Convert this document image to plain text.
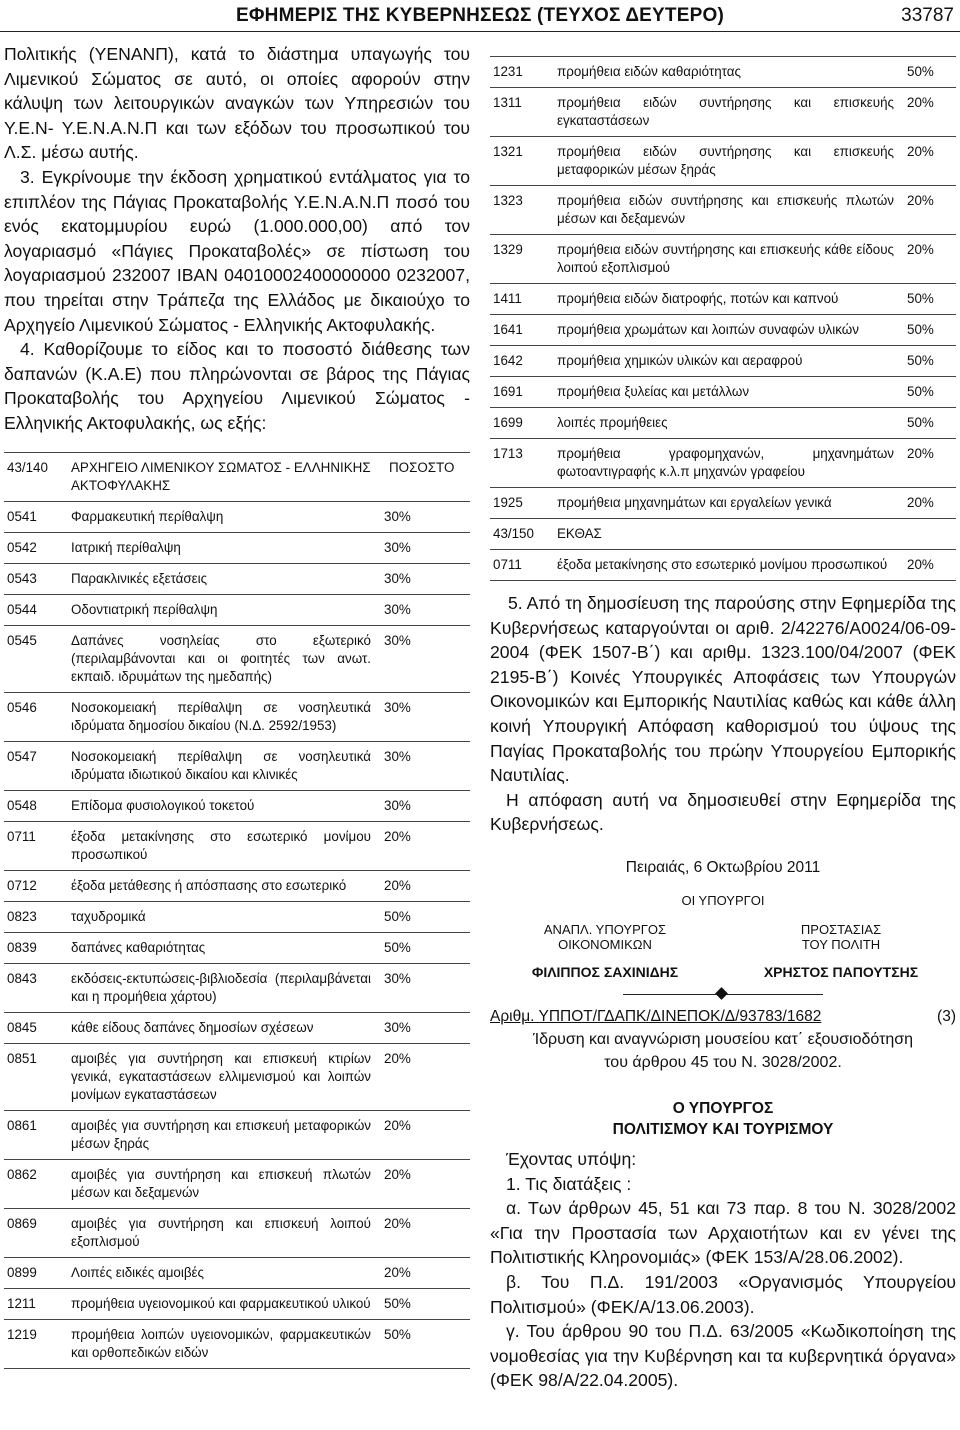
ΕΦΗΜΕΡΙΣ ΤΗΣ ΚΥΒΕΡΝΗΣΕΩΣ (ΤΕΥΧΟΣ ΔΕΥΤΕΡΟ)	33787

Πολιτικής (ΥΕΝΑΝΠ), κατά το διάστημα υπαγωγής του Λιμενικού Σώματος σε αυτό, οι οποίες αφορούν στην κάλυψη των λειτουργικών αναγκών των Υπηρεσιών του Υ.Ε.Ν- Υ.Ε.Ν.Α.Ν.Π και των εξόδων του προσωπικού του Λ.Σ. μέσω αυτής.

3. Εγκρίνουμε την έκδοση χρηματικού εντάλματος για το επιπλέον της Πάγιας Προκαταβολής Υ.Ε.Ν.Α.Ν.Π ποσό του ενός εκατομμυρίου ευρώ (1.000.000,00) από τον λογαριασμό «Πάγιες Προκαταβολές» σε πίστωση του λογαριασμού 232007 ΙΒΑΝ 04010002400000000 0232007, που τηρείται στην Τράπεζα της Ελλάδος με δικαιούχο το Αρχηγείο Λιμενικού Σώματος - Ελληνικής Ακτοφυλακής.

4. Καθορίζουμε το είδος και το ποσοστό διάθεσης των δαπανών (Κ.Α.Ε) που πληρώνονται σε βάρος της Πάγιας Προκαταβολής του Αρχηγείου Λιμενικού Σώματος - Ελληνικής Ακτοφυλακής, ως εξής:

43/140	ΑΡΧΗΓΕΙΟ ΛΙΜΕΝΙΚΟΥ ΣΩΜΑΤΟΣ - ΕΛΛΗΝΙΚΗΣ ΑΚΤΟΦΥΛΑΚΗΣ	ΠΟΣΟΣΤΟ
0541	Φαρμακευτική περίθαλψη	30%
0542	Ιατρική περίθαλψη	30%
0543	Παρακλινικές εξετάσεις	30%
0544	Οδοντιατρική περίθαλψη	30%
0545	Δαπάνες νοσηλείας στο εξωτερικό (περιλαμβάνονται και οι φοιτητές των ανωτ. εκπαιδ. ιδρυμάτων της ημεδαπής)	30%
0546	Νοσοκομειακή περίθαλψη σε νοσηλευτικά ιδρύματα δημοσίου δικαίου (Ν.Δ. 2592/1953)	30%
0547	Νοσοκομειακή περίθαλψη σε νοσηλευτικά ιδρύματα ιδιωτικού δικαίου και κλινικές	30%
0548	Επίδομα φυσιολογικού τοκετού	30%
0711	έξοδα μετακίνησης στο εσωτερικό μονίμου προσωπικού	20%
0712	έξοδα μετάθεσης ή απόσπασης στο εσωτερικό	20%
0823	ταχυδρομικά	50%
0839	δαπάνες καθαριότητας	50%
0843	εκδόσεις-εκτυπώσεις-βιβλιοδεσία (περιλαμβάνεται και η προμήθεια χάρτου)	30%
0845	κάθε είδους δαπάνες δημοσίων σχέσεων	30%
0851	αμοιβές για συντήρηση και επισκευή κτιρίων γενικά, εγκαταστάσεων ελλιμενισμού και λοιπών μονίμων εγκαταστάσεων	20%
0861	αμοιβές για συντήρηση και επισκευή μεταφορικών μέσων ξηράς	20%
0862	αμοιβές για συντήρηση και επισκευή πλωτών μέσων και δεξαμενών	20%
0869	αμοιβές για συντήρηση και επισκευή λοιπού εξοπλισμού	20%
0899	Λοιπές ειδικές αμοιβές	20%
1211	προμήθεια υγειονομικού και φαρμακευτικού υλικού	50%
1219	προμήθεια λοιπών υγειονομικών, φαρμακευτικών και ορθοπεδικών ειδών	50%
1231	προμήθεια ειδών καθαριότητας	50%
1311	προμήθεια ειδών συντήρησης και επισκευής εγκαταστάσεων	20%
1321	προμήθεια ειδών συντήρησης και επισκευής μεταφορικών μέσων ξηράς	20%
1323	προμήθεια ειδών συντήρησης και επισκευής πλωτών μέσων και δεξαμενών	20%
1329	προμήθεια ειδών συντήρησης και επισκευής κάθε είδους λοιπού εξοπλισμού	20%
1411	προμήθεια ειδών διατροφής, ποτών και καπνού	50%
1641	προμήθεια χρωμάτων και λοιπών συναφών υλικών	50%
1642	προμήθεια χημικών υλικών και αεραφρού	50%
1691	προμήθεια ξυλείας και μετάλλων	50%
1699	λοιπές προμήθειες	50%
1713	προμήθεια γραφομηχανών, μηχανημάτων φωτοαντιγραφής κ.λ.π μηχανών γραφείου	20%
1925	προμήθεια μηχανημάτων και εργαλείων γενικά	20%
43/150	ΕΚΘΑΣ	
0711	έξοδα μετακίνησης στο εσωτερικό μονίμου προσωπικού	20%

5. Από τη δημοσίευση της παρούσης στην Εφημερίδα της Κυβερνήσεως καταργούνται οι αριθ. 2/42276/Α0024/06-09-2004 (ΦΕΚ 1507-Β΄) και αριθμ. 1323.100/04/2007 (ΦΕΚ 2195-Β΄) Κοινές Υπουργικές Αποφάσεις των Υπουργών Οικονομικών και Εμπορικής Ναυτιλίας καθώς και κάθε άλλη κοινή Υπουργική Απόφαση καθορισμού του ύψους της Παγίας Προκαταβολής του πρώην Υπουργείου Εμπορικής Ναυτιλίας.

Η απόφαση αυτή να δημοσιευθεί στην Εφημερίδα της Κυβερνήσεως.

Πειραιάς, 6 Οκτωβρίου 2011
ΟΙ ΥΠΟΥΡΓΟΙ
ΑΝΑΠΛ. ΥΠΟΥΡΓΟΣ
ΟΙΚΟΝΟΜΙΚΩΝ
ΦΙΛΙΠΠΟΣ ΣΑΧΙΝΙΔΗΣ
ΠΡΟΣΤΑΣΙΑΣ
ΤΟΥ ΠΟΛΙΤΗ
ΧΡΗΣΤΟΣ ΠΑΠΟΥΤΣΗΣ
Αριθμ. ΥΠΠΟΤ/ΓΔΑΠΚ/ΔΙΝΕΠΟΚ/Δ/93783/1682	(3)
Ίδρυση και αναγνώριση μουσείου κατ΄ εξουσιοδότηση του άρθρου 45 του Ν. 3028/2002.
Ο ΥΠΟΥΡΓΟΣ
ΠΟΛΙΤΙΣΜΟΥ ΚΑΙ ΤΟΥΡΙΣΜΟΥ

Έχοντας υπόψη:

1. Τις διατάξεις :

α. Των άρθρων 45, 51 και 73 παρ. 8 του Ν. 3028/2002 «Για την Προστασία των Αρχαιοτήτων και εν γένει της Πολιτιστικής Κληρονομιάς» (ΦΕΚ 153/Α/28.06.2002).

β. Του Π.Δ. 191/2003 «Οργανισμός Υπουργείου Πολιτισμού» (ΦΕΚ/Α/13.06.2003).

γ. Του άρθρου 90 του Π.Δ. 63/2005 «Κωδικοποίηση της νομοθεσίας για την Κυβέρνηση και τα κυβερνητικά όργανα» (ΦΕΚ 98/Α/22.04.2005).
